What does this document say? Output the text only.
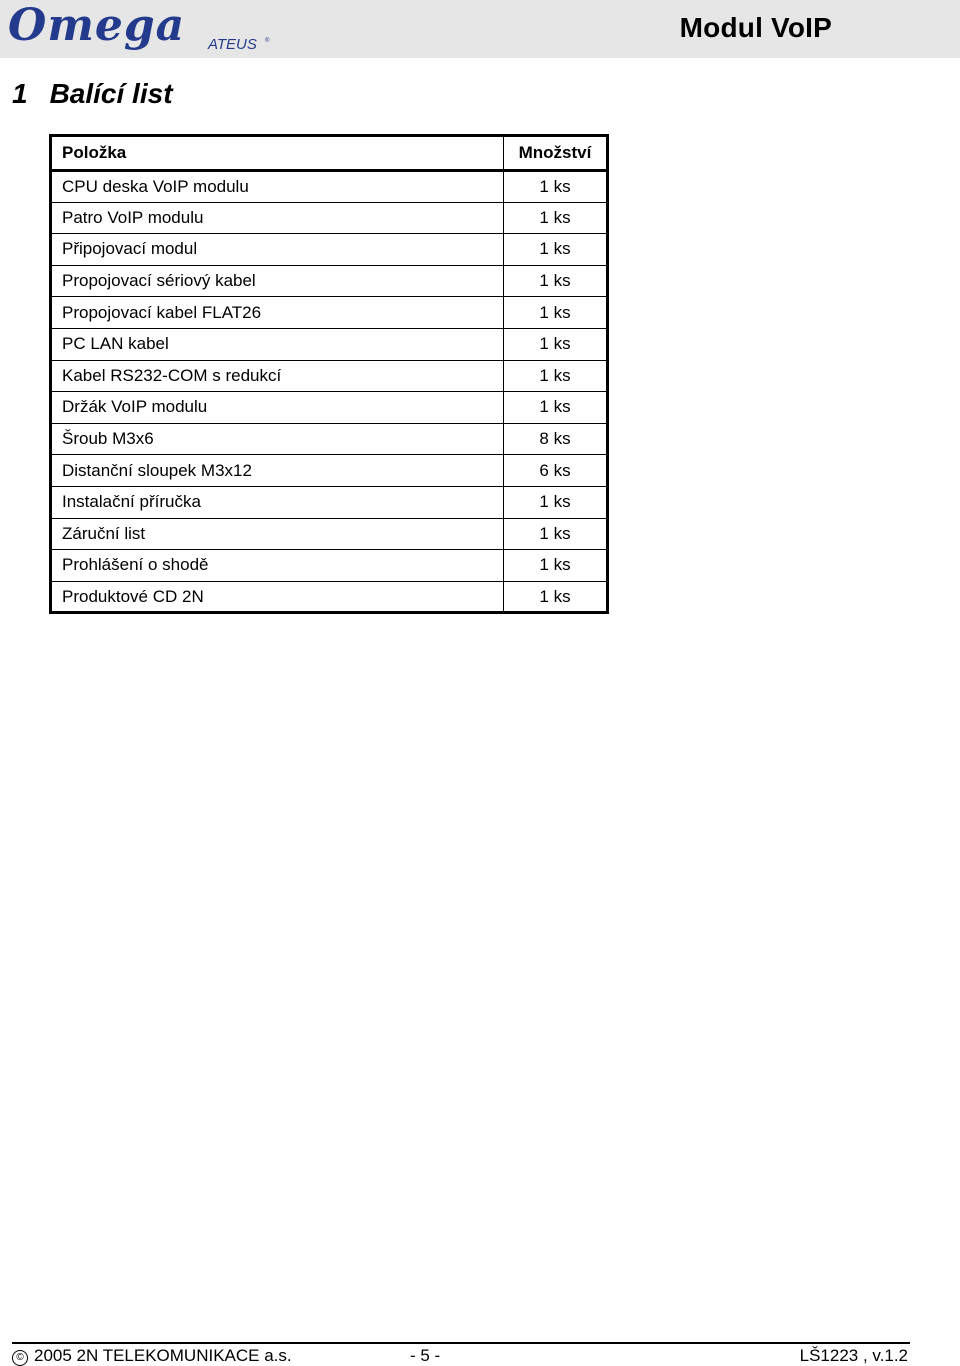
Omega ATEUS ®	Modul VoIP
1 Balící list
Položka	Množství
CPU deska VoIP modulu	1 ks
Patro VoIP modulu	1 ks
Připojovací modul	1 ks
Propojovací sériový kabel	1 ks
Propojovací kabel FLAT26	1 ks
PC LAN kabel	1 ks
Kabel RS232-COM s redukcí	1 ks
Držák VoIP modulu	1 ks
Šroub M3x6	8 ks
Distanční sloupek M3x12	6 ks
Instalační příručka	1 ks
Záruční list	1 ks
Prohlášení o shodě	1 ks
Produktové CD 2N	1 ks
© 2005 2N TELEKOMUNIKACE a.s.	- 5 -	LŠ1223 , v.1.2
